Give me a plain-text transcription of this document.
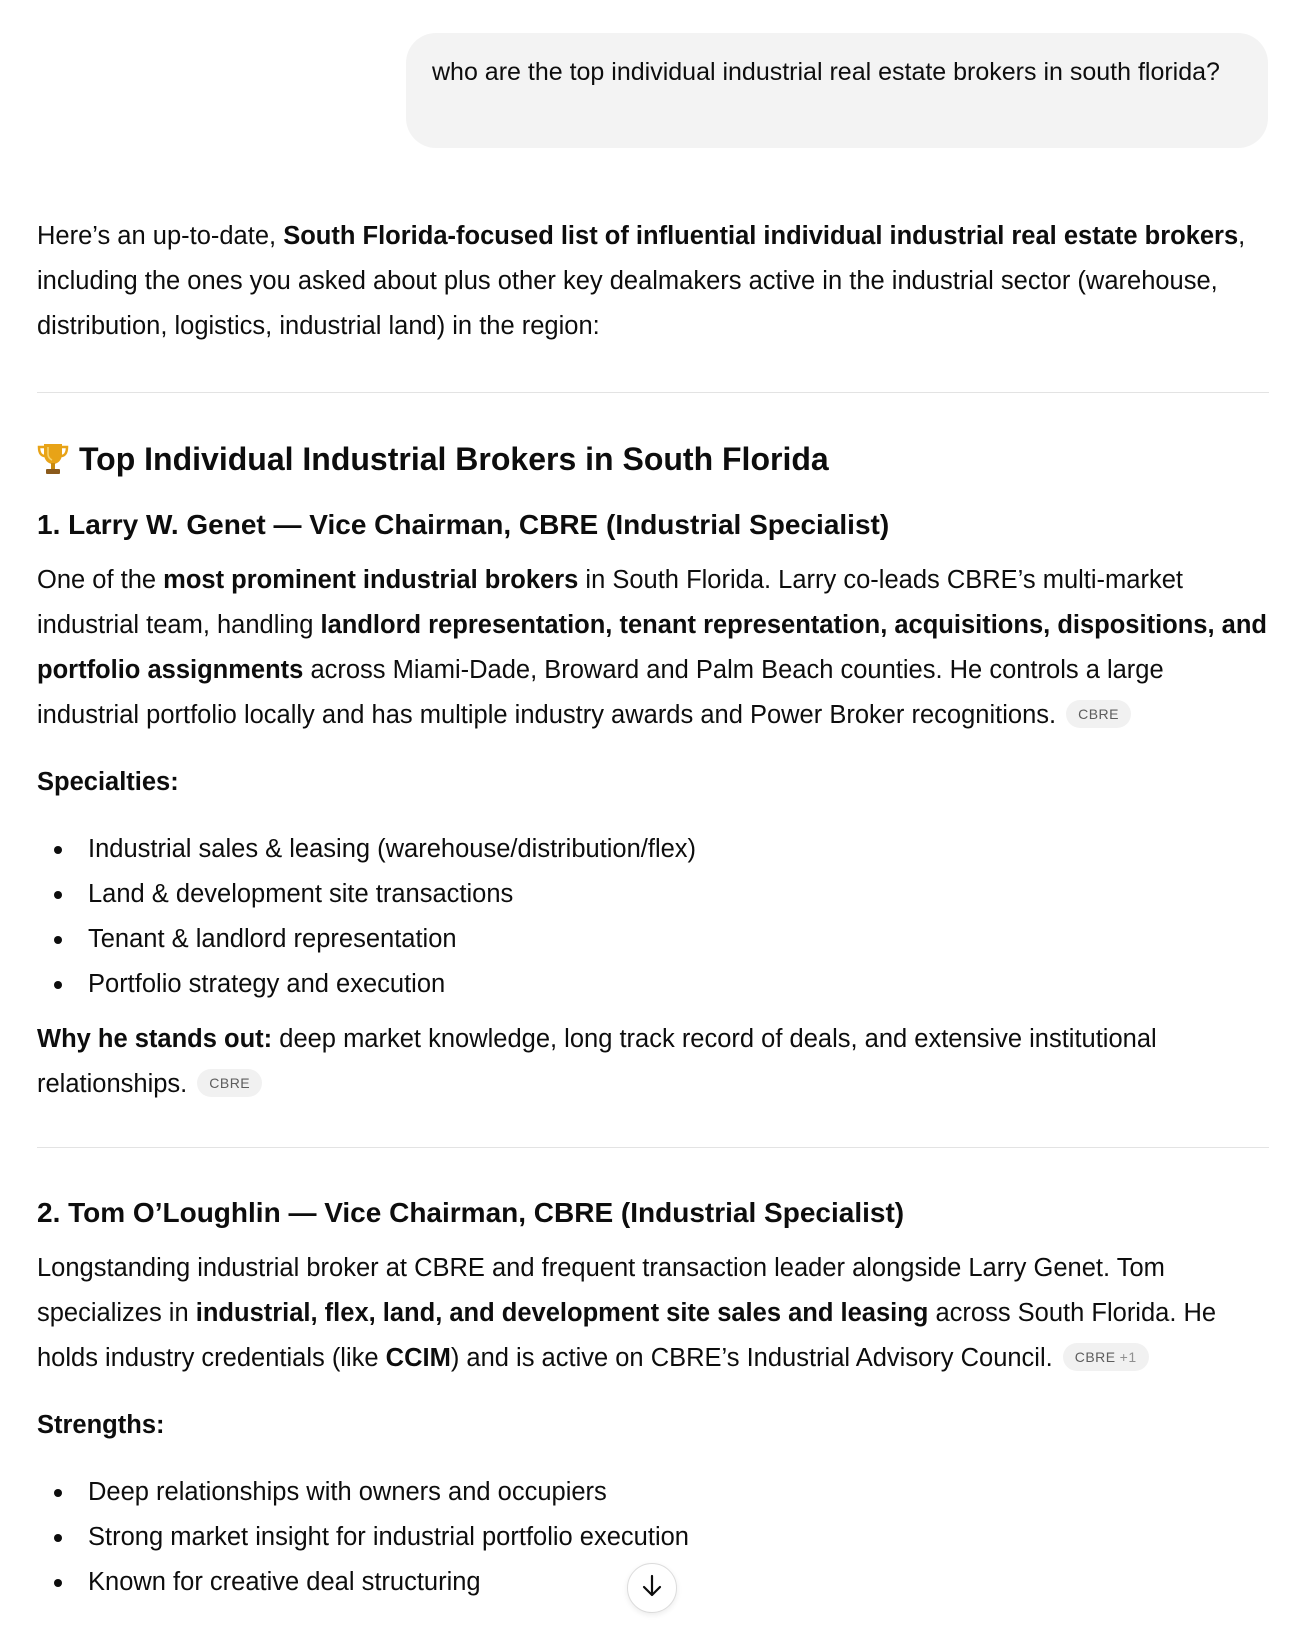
who are the top individual industrial real estate brokers in south florida?

Here’s an up-to-date, South Florida-focused list of influential individual industrial real estate brokers, including the ones you asked about plus other key dealmakers active in the industrial sector (warehouse, distribution, logistics, industrial land) in the region:

Top Individual Industrial Brokers in South Florida
1. Larry W. Genet — Vice Chairman, CBRE (Industrial Specialist)

One of the most prominent industrial brokers in South Florida. Larry co-leads CBRE’s multi-market industrial team, handling landlord representation, tenant representation, acquisitions, dispositions, and portfolio assignments across Miami-Dade, Broward and Palm Beach counties. He controls a large industrial portfolio locally and has multiple industry awards and Power Broker recognitions. CBRE

Specialties:

Industrial sales & leasing (warehouse/distribution/flex)
Land & development site transactions
Tenant & landlord representation
Portfolio strategy and execution

Why he stands out: deep market knowledge, long track record of deals, and extensive institutional relationships. CBRE

2. Tom O’Loughlin — Vice Chairman, CBRE (Industrial Specialist)

Longstanding industrial broker at CBRE and frequent transaction leader alongside Larry Genet. Tom specializes in industrial, flex, land, and development site sales and leasing across South Florida. He holds industry credentials (like CCIM) and is active on CBRE’s Industrial Advisory Council. CBRE +1

Strengths:

Deep relationships with owners and occupiers
Strong market insight for industrial portfolio execution
Known for creative deal structuring
